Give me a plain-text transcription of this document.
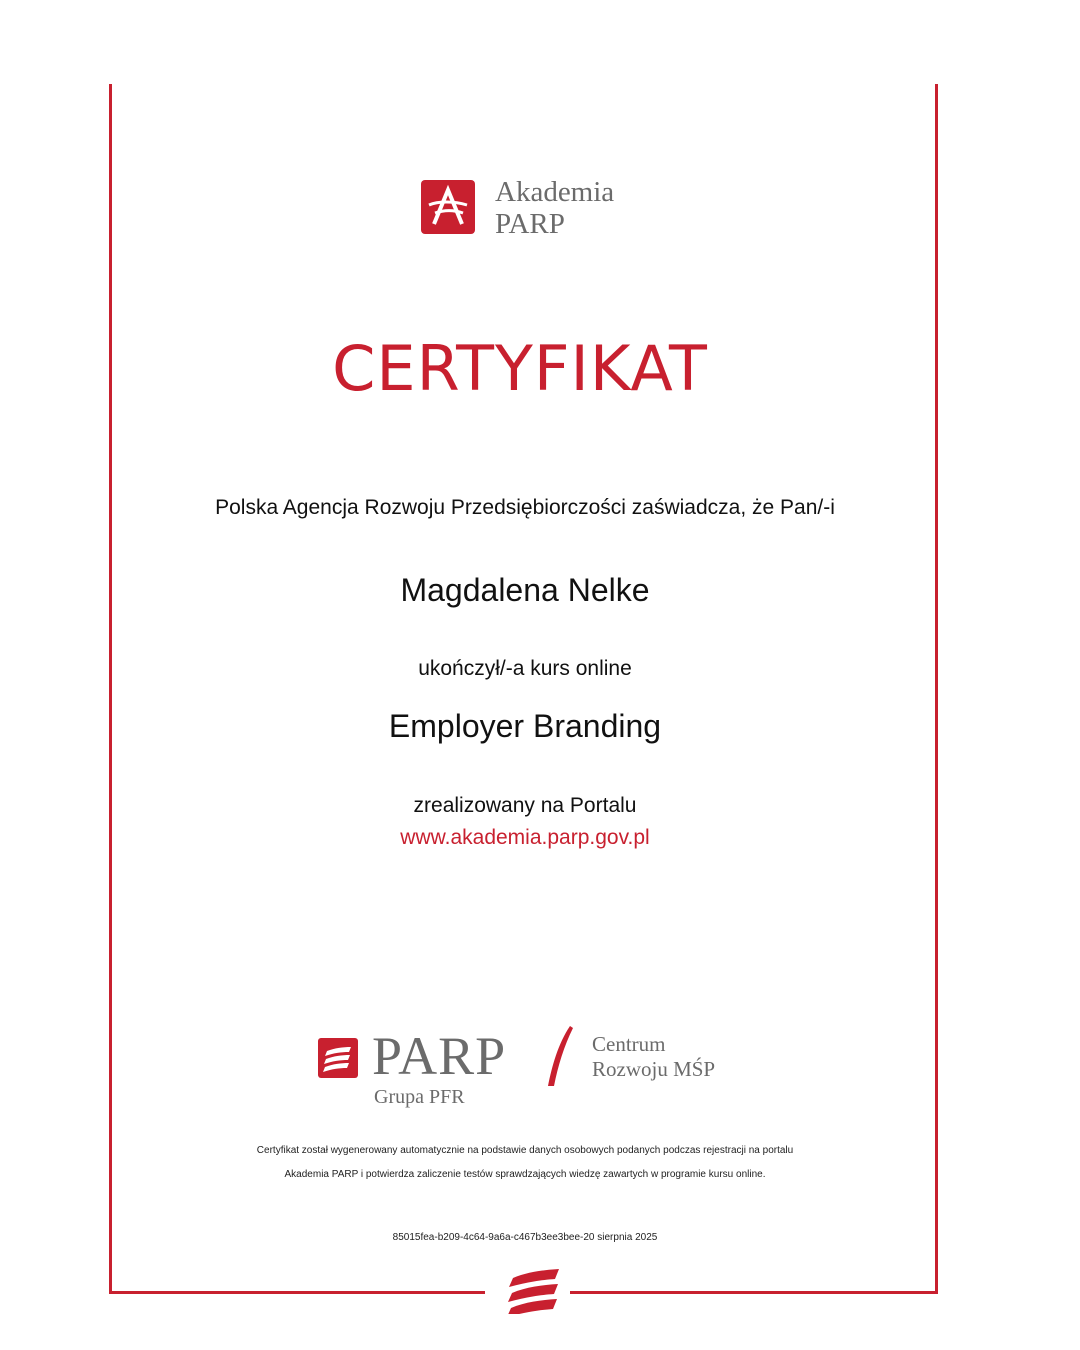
Akademia
PARP
CERTYFIKAT
Polska Agencja Rozwoju Przedsiębiorczości zaświadcza, że Pan/-i
Magdalena Nelke
ukończył/-a kurs online
Employer Branding
zrealizowany na Portalu
www.akademia.parp.gov.pl
PARP
Grupa PFR
Centrum
Rozwoju MŚP
Certyfikat został wygenerowany automatycznie na podstawie danych osobowych podanych podczas rejestracji na portalu
Akademia PARP i potwierdza zaliczenie testów sprawdzających wiedzę zawartych w programie kursu online.
85015fea-b209-4c64-9a6a-c467b3ee3bee-20 sierpnia 2025
